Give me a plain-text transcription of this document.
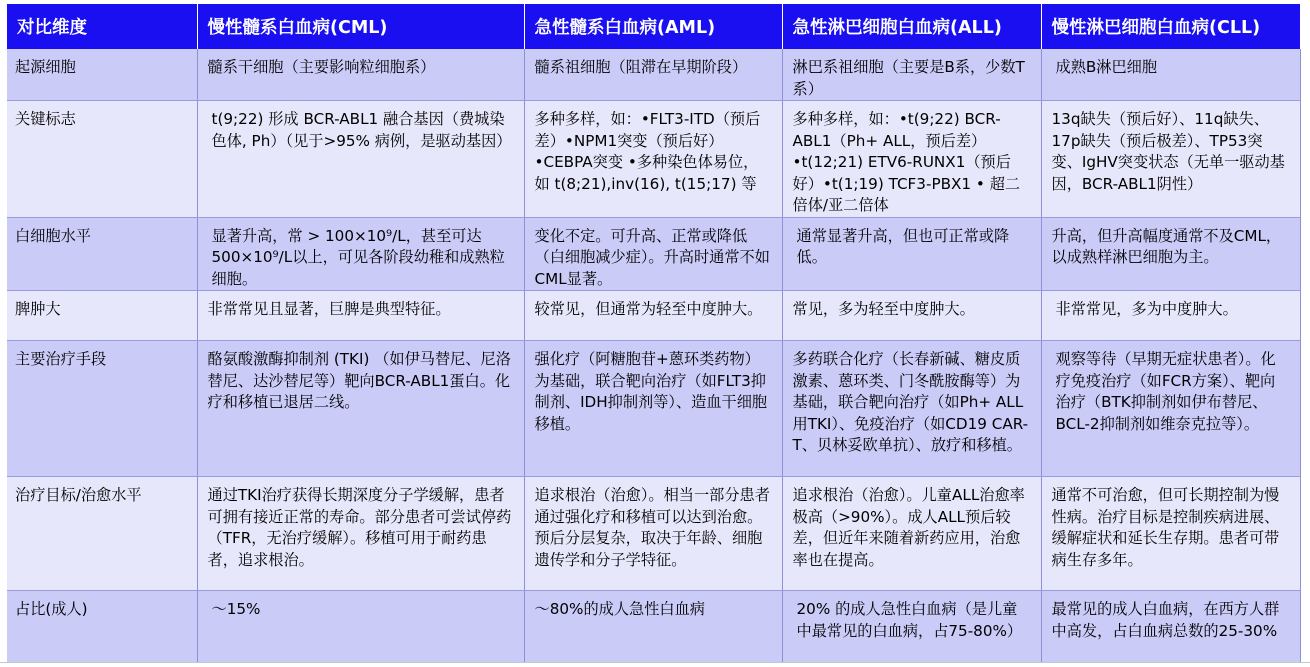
对比维度	慢性髓系白血病(CML)	急性髓系白血病(AML)	急性淋巴细胞白血病(ALL)	慢性淋巴细胞白血病(CLL)
起源细胞	髓系干细胞（主要影响粒细胞系）	髓系祖细胞（阻滞在早期阶段）	淋巴系祖细胞（主要是B系，少数T系）	成熟B淋巴细胞
关键标志	t(9;22) 形成 BCR-ABL1 融合基因（费城染色体, Ph）（见于>95% 病例，是驱动基因）	多种多样，如：•FLT3-ITD（预后差）•NPM1突变（预后好）•CEBPA突变 •多种染色体易位，如 t(8;21),inv(16), t(15;17) 等	多种多样，如：•t(9;22) BCR-ABL1（Ph+ ALL，预后差）•t(12;21) ETV6-RUNX1（预后好）•t(1;19) TCF3-PBX1 • 超二倍体/亚二倍体	13q缺失（预后好）、11q缺失、17p缺失（预后极差）、TP53突变、IgHV突变状态（无单一驱动基因，BCR-ABL1阴性）
白细胞水平	显著升高，常 > 100×10⁹/L，甚至可达500×10⁹/L以上，可见各阶段幼稚和成熟粒细胞。	变化不定。可升高、正常或降低（白细胞减少症）。升高时通常不如CML显著。	通常显著升高，但也可正常或降低。	升高，但升高幅度通常不及CML，以成熟样淋巴细胞为主。
脾肿大	非常常见且显著，巨脾是典型特征。	较常见，但通常为轻至中度肿大。	常见，多为轻至中度肿大。	非常常见，多为中度肿大。
主要治疗手段	酪氨酸激酶抑制剂 (TKI) （如伊马替尼、尼洛替尼、达沙替尼等）靶向BCR-ABL1蛋白。化疗和移植已退居二线。	强化疗（阿糖胞苷+蒽环类药物）为基础，联合靶向治疗（如FLT3抑制剂、IDH抑制剂等）、造血干细胞移植。	多药联合化疗（长春新碱、糖皮质激素、蒽环类、门冬酰胺酶等）为基础，联合靶向治疗（如Ph+ ALL用TKI）、免疫治疗（如CD19 CAR-T、贝林妥欧单抗）、放疗和移植。	观察等待（早期无症状患者）。化疗免疫治疗（如FCR方案）、靶向治疗（BTK抑制剂如伊布替尼、BCL-2抑制剂如维奈克拉等）。
治疗目标/治愈水平	通过TKI治疗获得长期深度分子学缓解，患者可拥有接近正常的寿命。部分患者可尝试停药（TFR，无治疗缓解）。移植可用于耐药患者，追求根治。	追求根治（治愈）。相当一部分患者通过强化疗和移植可以达到治愈。预后分层复杂，取决于年龄、细胞遗传学和分子学特征。	追求根治（治愈）。儿童ALL治愈率极高（>90%）。成人ALL预后较差，但近年来随着新药应用，治愈率也在提高。	通常不可治愈，但可长期控制为慢性病。治疗目标是控制疾病进展、缓解症状和延长生存期。患者可带病生存多年。
占比(成人)	～15%	～80%的成人急性白血病	20% 的成人急性白血病（是儿童中最常见的白血病，占75-80%）	最常见的成人白血病，在西方人群中高发，占白血病总数的25-30%
